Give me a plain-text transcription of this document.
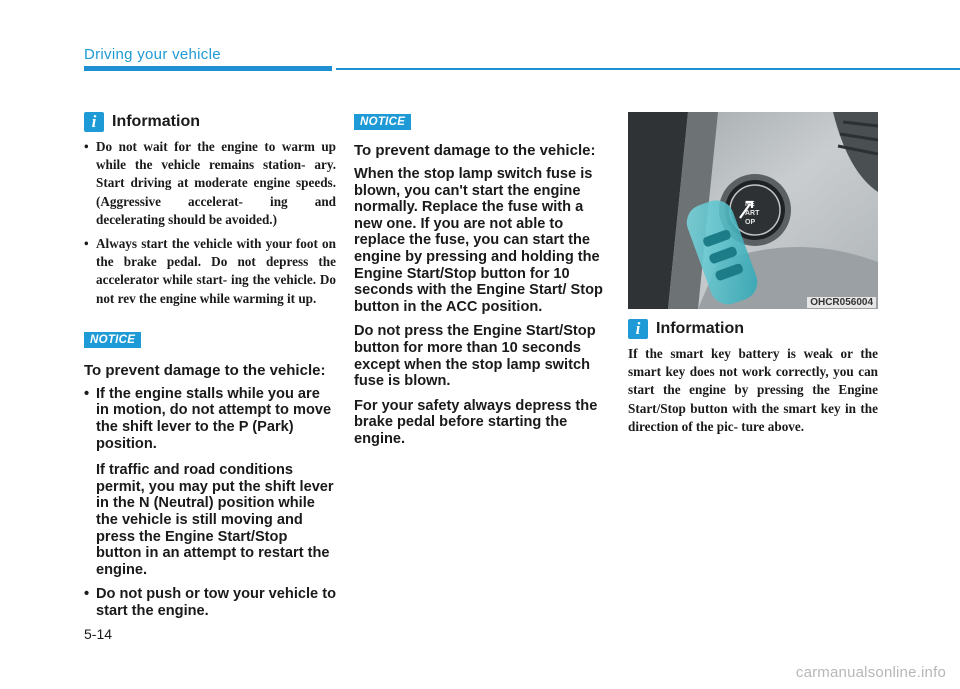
Driving your vehicle
i Information
• Do not wait for the engine to warm up while the vehicle remains station- ary. Start driving at moderate engine speeds. (Aggressive accelerat- ing and decelerating should be avoided.)
• Always start the vehicle with your foot on the brake pedal. Do not depress the accelerator while start- ing the vehicle. Do not rev the engine while warming it up.
NOTICE
To prevent damage to the vehicle:
• If the engine stalls while you are in motion, do not attempt to move the shift lever to the P (Park) position.
If traffic and road conditions permit, you may put the shift lever in the N (Neutral) position while the vehicle is still moving and press the Engine Start/Stop button in an attempt to restart the engine.
• Do not push or tow your vehicle to start the engine.
NOTICE
To prevent damage to the vehicle:

When the stop lamp switch fuse is blown, you can't start the engine normally. Replace the fuse with a new one. If you are not able to replace the fuse, you can start the engine by pressing and holding the Engine Start/Stop button for 10 seconds with the Engine Start/ Stop button in the ACC position.

Do not press the Engine Start/Stop button for more than 10 seconds except when the stop lamp switch fuse is blown.

For your safety always depress the brake pedal before starting the engine.

NE
ART
OP
OHCR056004
i Information

If the smart key battery is weak or the smart key does not work correctly, you can start the engine by pressing the Engine Start/Stop button with the smart key in the direction of the pic- ture above.

5-14
carmanualsonline.info
